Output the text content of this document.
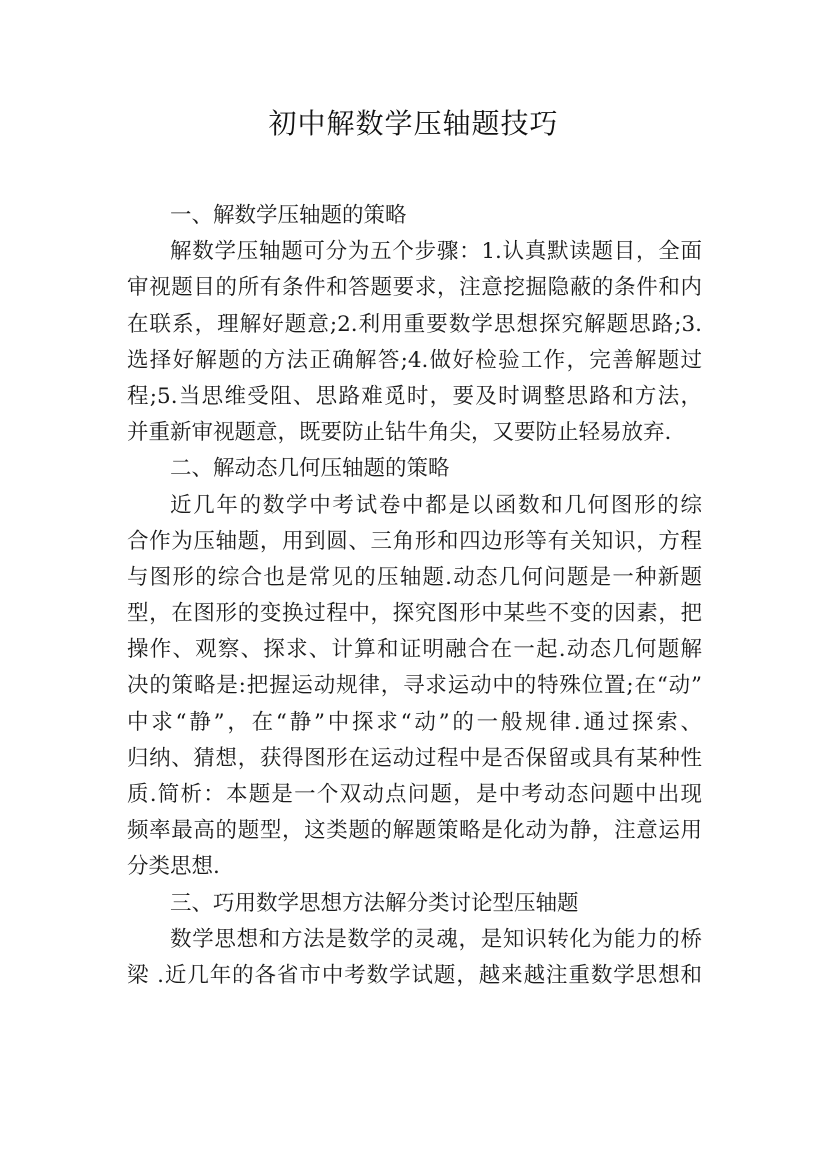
初中解数学压轴题技巧
一、解数学压轴题的策略
解数学压轴题可分为五个步骤：1.认真默读题目，全面
审视题目的所有条件和答题要求，注意挖掘隐蔽的条件和内
在联系，理解好题意;2.利用重要数学思想探究解题思路;3.
选择好解题的方法正确解答;4.做好检验工作，完善解题过
程;5.当思维受阻、思路难觅时，要及时调整思路和方法，
并重新审视题意，既要防止钻牛角尖，又要防止轻易放弃.
二、解动态几何压轴题的策略
近几年的数学中考试卷中都是以函数和几何图形的综
合作为压轴题，用到圆、三角形和四边形等有关知识，方程
与图形的综合也是常见的压轴题.动态几何问题是一种新题
型，在图形的变换过程中，探究图形中某些不变的因素，把
操作、观察、探求、计算和证明融合在一起.动态几何题解
决的策略是:把握运动规律，寻求运动中的特殊位置;在“动”
中求“静”，在“静”中探求“动”的一般规律.通过探索、
归纳、猜想，获得图形在运动过程中是否保留或具有某种性
质.简析：本题是一个双动点问题，是中考动态问题中出现
频率最高的题型，这类题的解题策略是化动为静，注意运用
分类思想.
三、巧用数学思想方法解分类讨论型压轴题
数学思想和方法是数学的灵魂，是知识转化为能力的桥
梁 .近几年的各省市中考数学试题，越来越注重数学思想和
